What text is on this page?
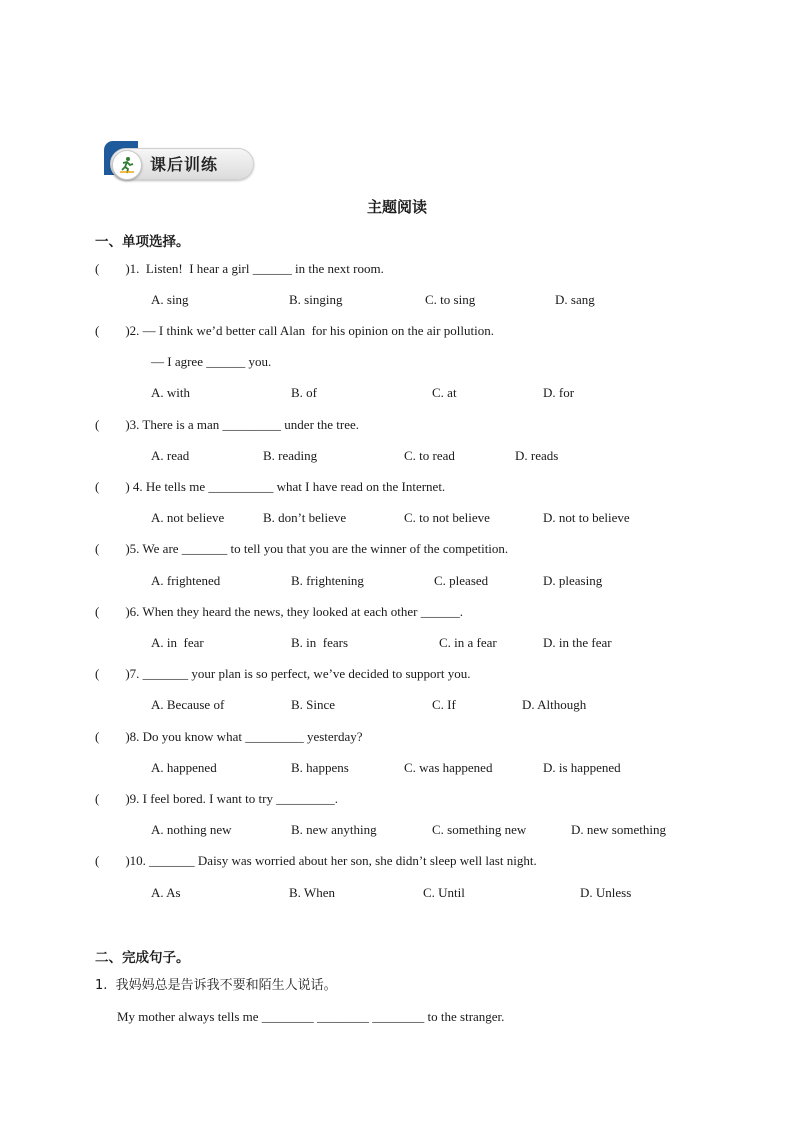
课后训练
主题阅读
一、单项选择。
(        )1.  Listen!  I hear a girl ______ in the next room.
A. sing	B. singing	C. to sing	D. sang
(        )2. — I think we’d better call Alan  for his opinion on the air pollution.
— I agree ______ you.
A. with	B. of	C. at	D. for
(        )3. There is a man _________ under the tree.
A. read	B. reading	C. to read	D. reads
(        ) 4. He tells me __________ what I have read on the Internet.
A. not believe	B. don’t believe	C. to not believe	D. not to believe
(        )5. We are _______ to tell you that you are the winner of the competition.
A. frightened	B. frightening	C. pleased	D. pleasing
(        )6. When they heard the news, they looked at each other ______.
A. in  fear	B. in  fears	C. in a fear	D. in the fear
(        )7. _______ your plan is so perfect, we’ve decided to support you.
A. Because of	B. Since	C. If	D. Although
(        )8. Do you know what _________ yesterday?
A. happened	B. happens	C. was happened	D. is happened
(        )9. I feel bored. I want to try _________.
A. nothing new	B. new anything	C. something new	D. new something
(        )10. _______ Daisy was worried about her son, she didn’t sleep well last night.
A. As	B. When	C. Until	D. Unless
二、完成句子。
1.  我妈妈总是告诉我不要和陌生人说话。
My mother always tells me ________ ________ ________ to the stranger.
